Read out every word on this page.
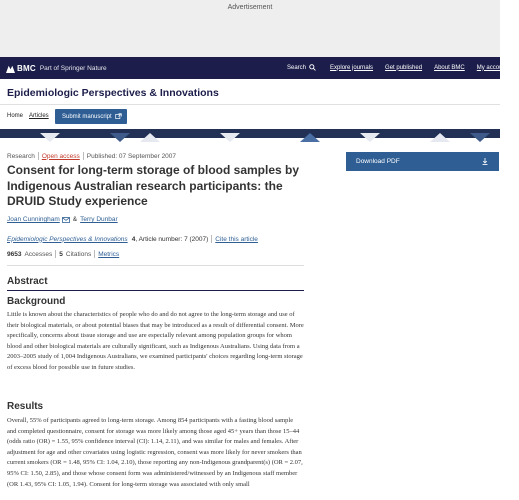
Advertisement
BMC Part of Springer Nature	Search	Explore journals Get published About BMC My account
Epidemiologic Perspectives & Innovations
Home Articles Submit manuscript
Research Open access Published: 07 September 2007
Consent for long-term storage of blood samples by Indigenous Australian research participants: the DRUID Study experience
Joan Cunningham & Terry Dunbar
Epidemiologic Perspectives & Innovations 4 , Article number: 7 (2007) Cite this article
9653 Accesses 5 Citations Metrics
Abstract
Background

Little is known about the characteristics of people who do and do not agree to the long-term storage and use of their biological materials, or about potential biases that may be introduced as a result of differential consent. More specifically, concerns about tissue storage and use are especially relevant among population groups for whom blood and other biological materials are culturally significant, such as Indigenous Australians. Using data from a 2003–2005 study of 1,004 Indigenous Australians, we examined participants' choices regarding long-term storage of excess blood for possible use in future studies.

Results

Overall, 55% of participants agreed to long-term storage. Among 854 participants with a fasting blood sample and completed questionnaire, consent for storage was more likely among those aged 45+ years than those 15–44 (odds ratio (OR) = 1.55, 95% confidence interval (CI): 1.14, 2.11), and was similar for males and females. After adjustment for age and other covariates using logistic regression, consent was more likely for never smokers than current smokers (OR = 1.48, 95% CI: 1.04, 2.10), those reporting any non-Indigenous grandparent(s) (OR = 2.07, 95% CI: 1.50, 2.85), and those whose consent form was administered/witnessed by an Indigenous staff member (OR 1.43, 95% CI: 1.05, 1.94). Consent for long-term storage was associated with only small

Download PDF
